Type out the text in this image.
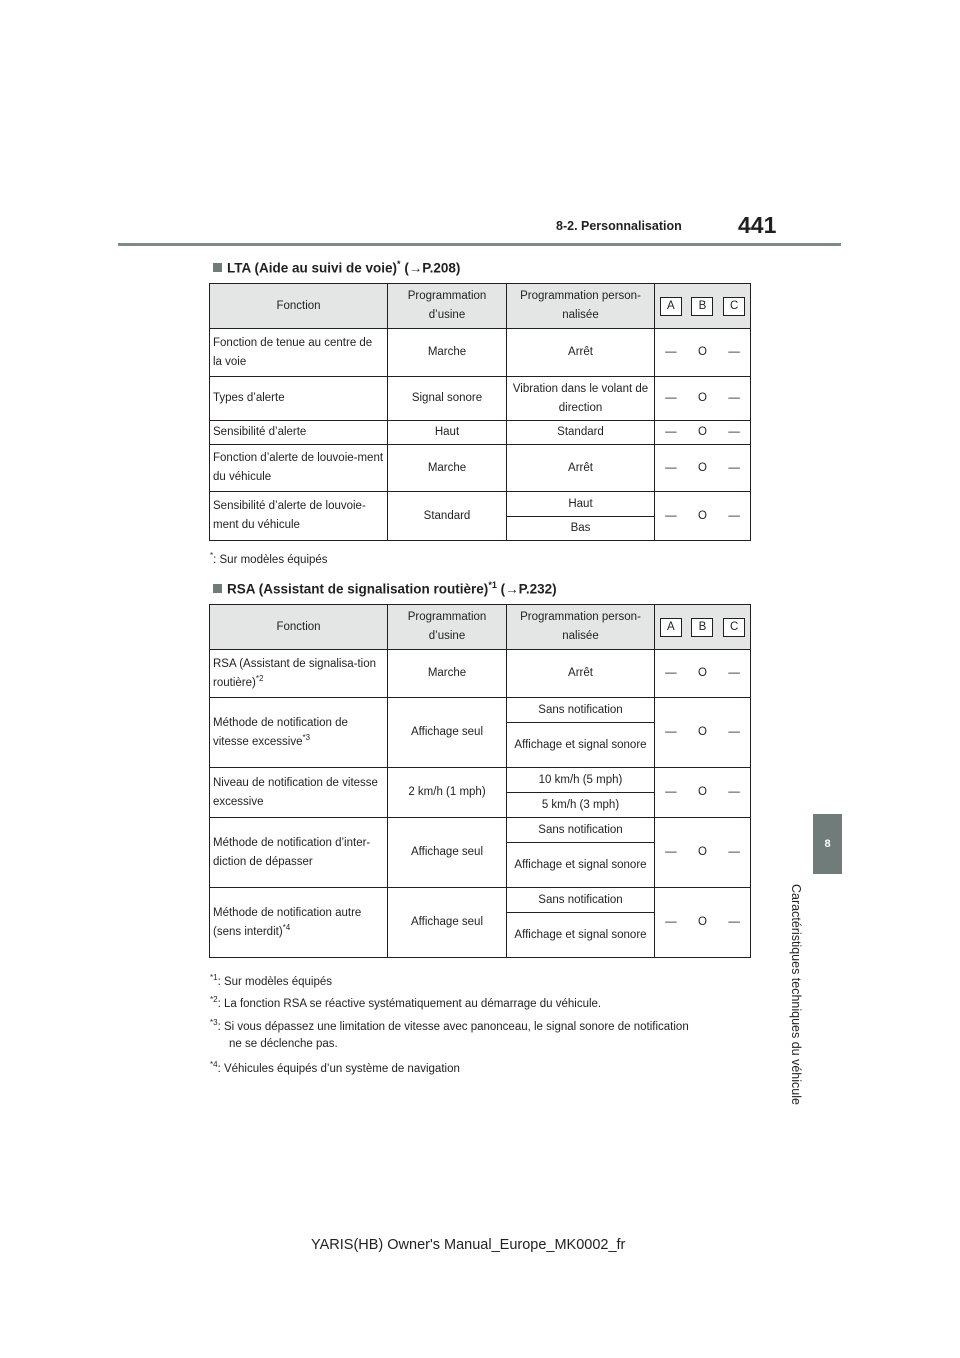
8-2. Personnalisation 441
8
Caractéristiques techniques du véhicule
LTA (Aide au suivi de voie)* (→P.208)
Fonction	Programmation d’usine	Programmation person-nalisée	A B C

Fonction de tenue au centre de la voie	Marche	Arrêt	— O —

Types d’alerte	Signal sonore	Vibration dans le volant de direction	— O —

Sensibilité d’alerte	Haut	Standard	— O —

Fonction d’alerte de louvoie-ment du véhicule	Marche	Arrêt	— O —

Sensibilité d’alerte de louvoie-ment du véhicule	Standard	Haut	— O —

		Bas	
*: Sur modèles équipés
RSA (Assistant de signalisation routière)$^{*1}$ (→P.232)
Fonction	Programmation d’usine	Programmation person-nalisée	A B C

RSA (Assistant de signalisa-tion routière)$^{*2}$	Marche	Arrêt	— O —

Méthode de notification de vitesse excessive$^{*3}$	Affichage seul	Sans notification	— O —

		Affichage et signal sonore	
Niveau de notification de vitesse excessive	2 km/h (1 mph)	10 km/h (5 mph)	— O —

		5 km/h (3 mph)	
Méthode de notification d’inter-diction de dépasser	Affichage seul	Sans notification	— O —

		Affichage et signal sonore	
Méthode de notification autre (sens interdit)$^{*4}$	Affichage seul	Sans notification	— O —

		Affichage et signal sonore	
$^{*1}$: Sur modèles équipés
$^{*2}$: La fonction RSA se réactive systématiquement au démarrage du véhicule.
$^{*3}$: Si vous dépassez une limitation de vitesse avec panonceau, le signal sonore de notification
ne se déclenche pas.
$^{*4}$: Véhicules équipés d’un système de navigation
YARIS(HB) Owner's Manual_Europe_MK0002_fr
